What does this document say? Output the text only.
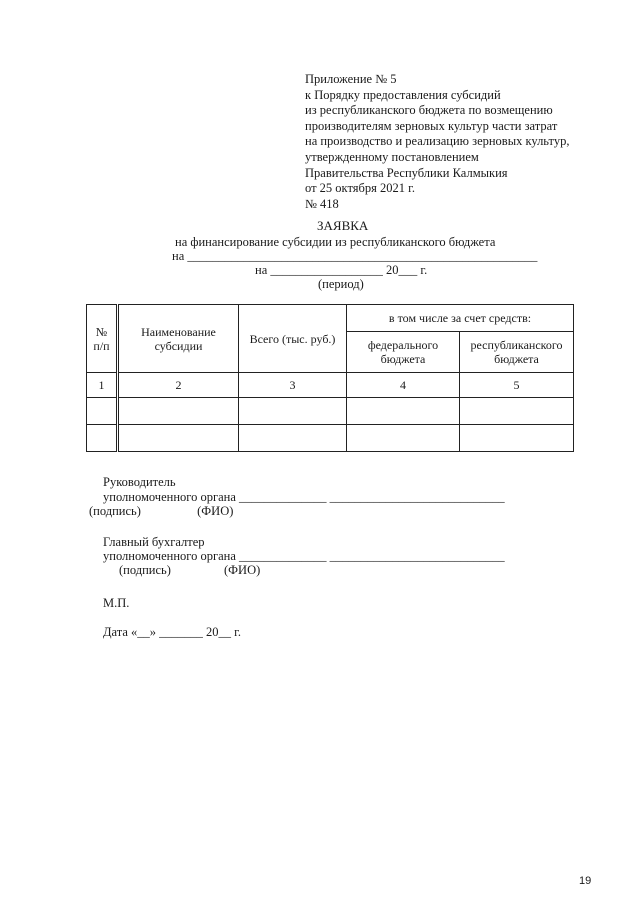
Приложение № 5
к Порядку предоставления субсидий
из республиканского бюджета по возмещению
производителям зерновых культур части затрат
на производство и реализацию зерновых культур,
утвержденному постановлением
Правительства Республики Калмыкия
от 25 октября 2021 г.
№ 418
ЗАЯВКА
на финансирование субсидии из республиканского бюджета
на ________________________________________________________
на __________________ 20___ г.
(период)
№ п/п	Наименование субсидии	Всего (тыс. руб.)	в том числе за счет средств:	
			федерального бюджета	республиканского бюджета
1	2	3	4	5

Руководитель
уполномоченного органа ______________ ____________________________
(подпись)                  (ФИО)
Главный бухгалтер
уполномоченного органа ______________ ____________________________
(подпись)                 (ФИО)
М.П.
Дата «__» _______ 20__ г.
19
